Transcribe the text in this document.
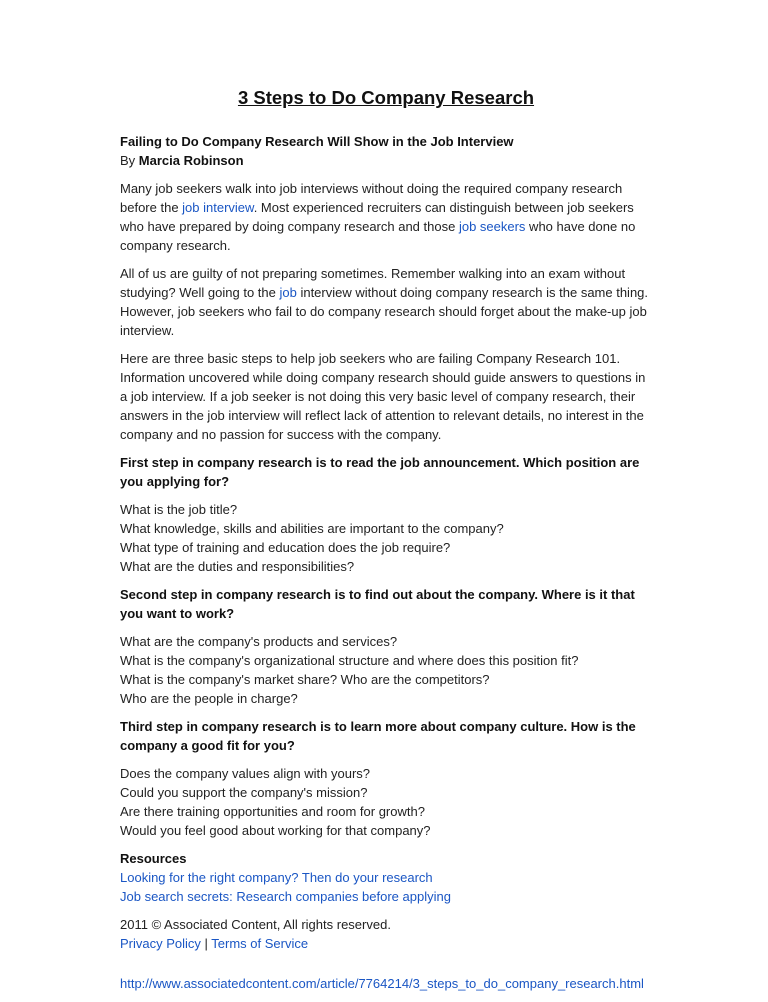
3 Steps to Do Company Research

Failing to Do Company Research Will Show in the Job Interview
By Marcia Robinson

Many job seekers walk into job interviews without doing the required company research before the job interview. Most experienced recruiters can distinguish between job seekers who have prepared by doing company research and those job seekers who have done no company research.

All of us are guilty of not preparing sometimes. Remember walking into an exam without studying? Well going to the job interview without doing company research is the same thing. However, job seekers who fail to do company research should forget about the make-up job interview.

Here are three basic steps to help job seekers who are failing Company Research 101. Information uncovered while doing company research should guide answers to questions in a job interview. If a job seeker is not doing this very basic level of company research, their answers in the job interview will reflect lack of attention to relevant details, no interest in the company and no passion for success with the company.

First step in company research is to read the job announcement. Which position are you applying for?

What is the job title?
What knowledge, skills and abilities are important to the company?
What type of training and education does the job require?
What are the duties and responsibilities?

Second step in company research is to find out about the company. Where is it that you want to work?

What are the company's products and services?
What is the company's organizational structure and where does this position fit?
What is the company's market share? Who are the competitors?
Who are the people in charge?

Third step in company research is to learn more about company culture. How is the company a good fit for you?

Does the company values align with yours?
Could you support the company's mission?
Are there training opportunities and room for growth?
Would you feel good about working for that company?

Resources
Looking for the right company? Then do your research
Job search secrets: Research companies before applying

2011 © Associated Content, All rights reserved.
Privacy Policy | Terms of Service

http://www.associatedcontent.com/article/7764214/3_steps_to_do_company_research.html
